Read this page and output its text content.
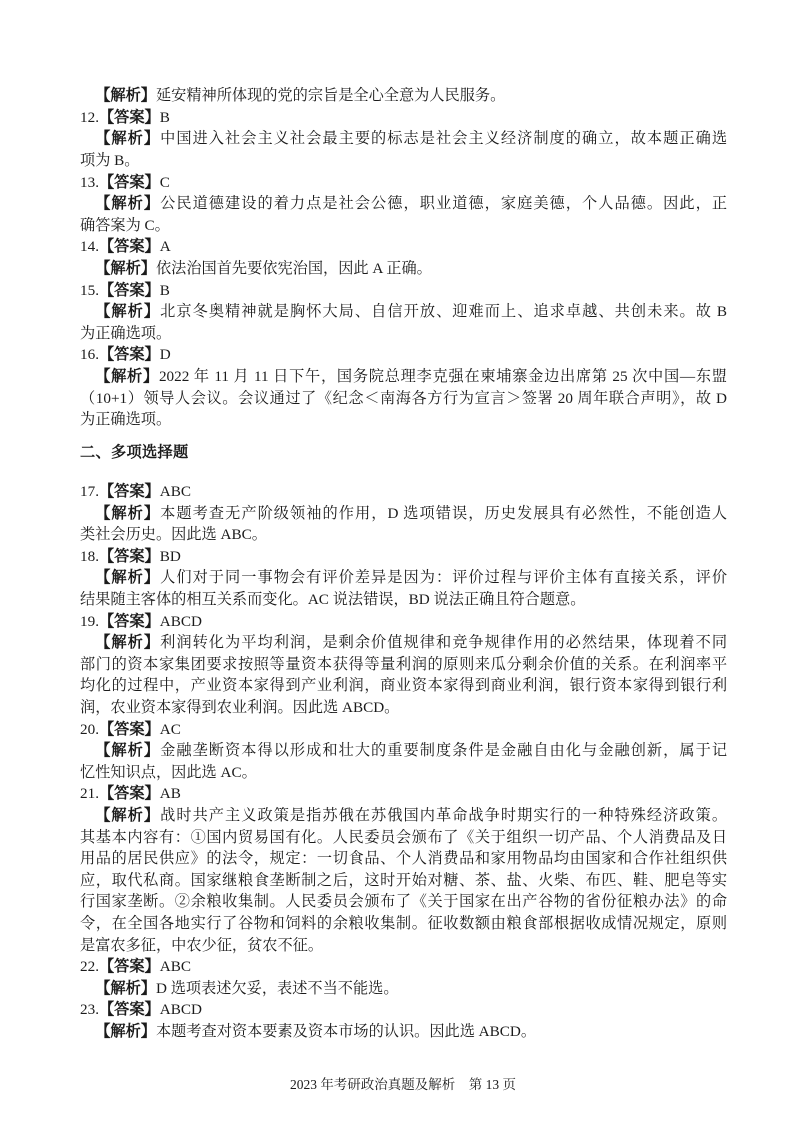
【解析】延安精神所体现的党的宗旨是全心全意为人民服务。
12.【答案】B
【解析】中国进入社会主义社会最主要的标志是社会主义经济制度的确立，故本题正确选
项为 B。
13.【答案】C
【解析】公民道德建设的着力点是社会公德，职业道德，家庭美德，个人品德。因此，正
确答案为 C。
14.【答案】A
【解析】依法治国首先要依宪治国，因此 A 正确。
15.【答案】B
【解析】北京冬奥精神就是胸怀大局、自信开放、迎难而上、追求卓越、共创未来。故 B
为正确选项。
16.【答案】D
【解析】2022 年 11 月 11 日下午，国务院总理李克强在柬埔寨金边出席第 25 次中国—东盟
（10+1）领导人会议。会议通过了《纪念＜南海各方行为宣言＞签署 20 周年联合声明》，故 D
为正确选项。
二、多项选择题
17.【答案】ABC
【解析】本题考查无产阶级领袖的作用，D 选项错误，历史发展具有必然性，不能创造人
类社会历史。因此选 ABC。
18.【答案】BD
【解析】人们对于同一事物会有评价差异是因为：评价过程与评价主体有直接关系，评价
结果随主客体的相互关系而变化。AC 说法错误，BD 说法正确且符合题意。
19.【答案】ABCD
【解析】利润转化为平均利润，是剩余价值规律和竞争规律作用的必然结果，体现着不同
部门的资本家集团要求按照等量资本获得等量利润的原则来瓜分剩余价值的关系。在利润率平
均化的过程中，产业资本家得到产业利润，商业资本家得到商业利润，银行资本家得到银行利
润，农业资本家得到农业利润。因此选 ABCD。
20.【答案】AC
【解析】金融垄断资本得以形成和壮大的重要制度条件是金融自由化与金融创新，属于记
忆性知识点，因此选 AC。
21.【答案】AB
【解析】战时共产主义政策是指苏俄在苏俄国内革命战争时期实行的一种特殊经济政策。
其基本内容有：①国内贸易国有化。人民委员会颁布了《关于组织一切产品、个人消费品及日
用品的居民供应》的法令，规定：一切食品、个人消费品和家用物品均由国家和合作社组织供
应，取代私商。国家继粮食垄断制之后，这时开始对糖、茶、盐、火柴、布匹、鞋、肥皂等实
行国家垄断。②余粮收集制。人民委员会颁布了《关于国家在出产谷物的省份征粮办法》的命
令，在全国各地实行了谷物和饲料的余粮收集制。征收数额由粮食部根据收成情况规定，原则
是富农多征，中农少征，贫农不征。
22.【答案】ABC
【解析】D 选项表述欠妥，表述不当不能选。
23.【答案】ABCD
【解析】本题考查对资本要素及资本市场的认识。因此选 ABCD。
2023 年考研政治真题及解析　第 13 页
